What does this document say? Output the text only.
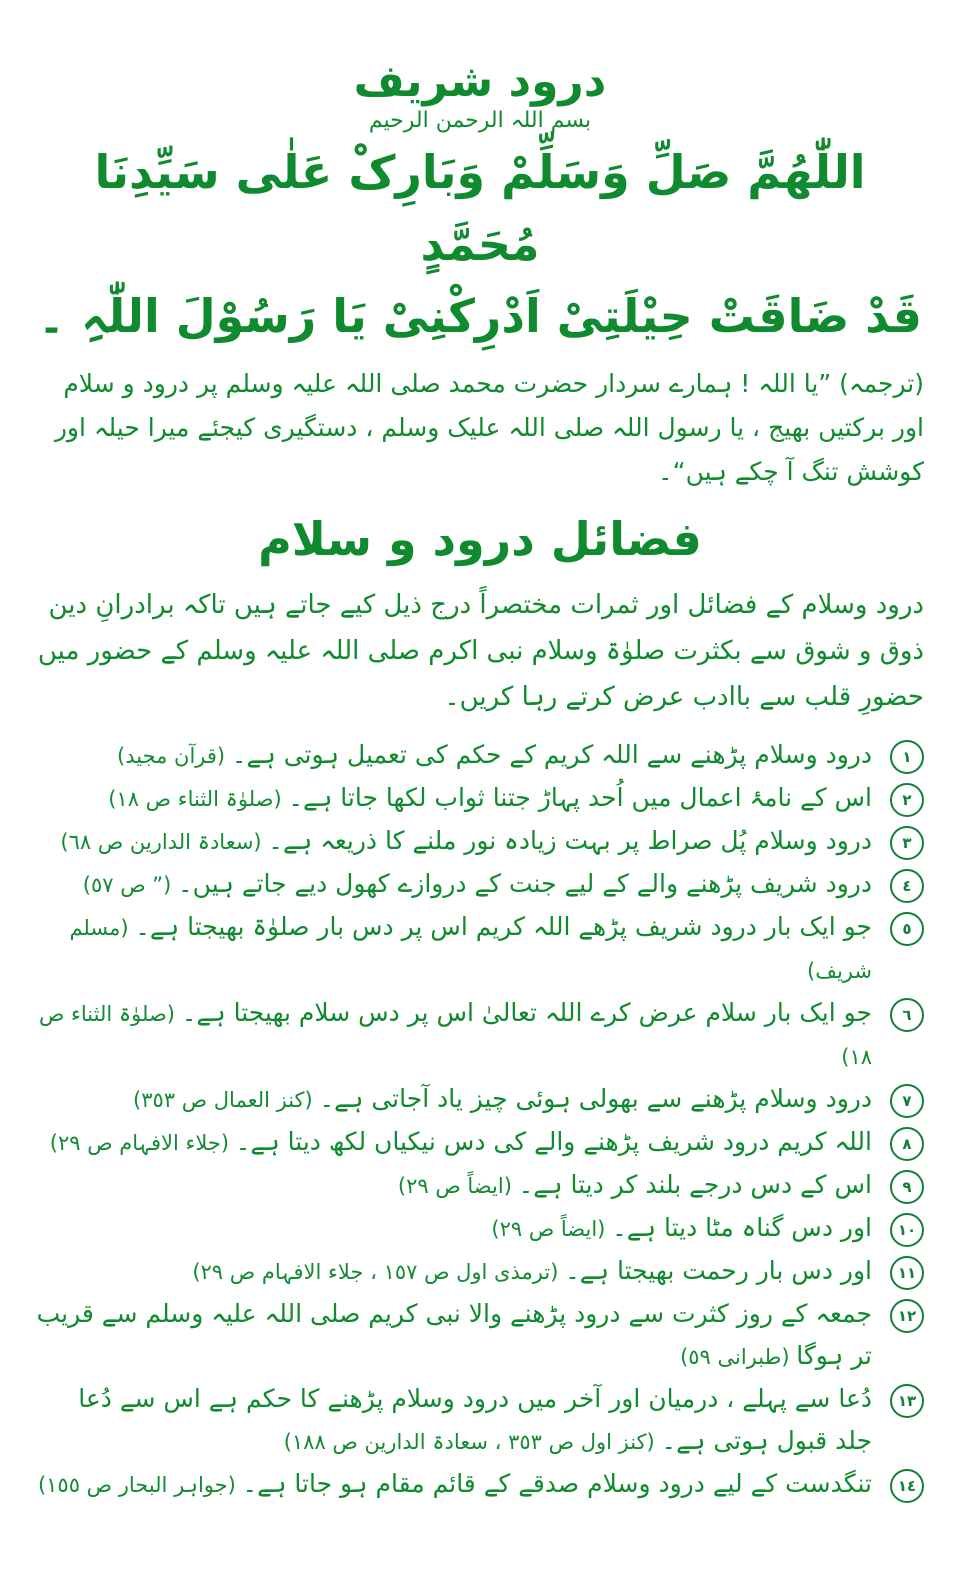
درود شریف
بسم اللہ الرحمن الرحیم
اللّٰھُمَّ صَلِّ وَسَلِّمْ وَبَارِکْ عَلٰی سَیِّدِنَا مُحَمَّدٍ
قَدْ ضَاقَتْ حِیْلَتِیْ اَدْرِکْنِیْ یَا رَسُوْلَ اللّٰہِ ۔
(ترجمہ) ”یا اللہ ! ہمارے سردار حضرت محمد صلی اللہ علیہ وسلم پر درود و سلام اور برکتیں بھیج ، یا رسول اللہ صلی اللہ علیک وسلم ، دستگیری کیجئے میرا حیلہ اور کوشش تنگ آ چکے ہیں“۔
فضائل درود و سلام
درود وسلام کے فضائل اور ثمرات مختصراً درج ذیل کیے جاتے ہیں تاکہ برادرانِ دین ذوق و شوق سے بکثرت صلوٰۃ وسلام نبی اکرم صلی اللہ علیہ وسلم کے حضور میں حضورِ قلب سے باادب عرض کرتے رہا کریں۔
١
درود وسلام پڑھنے سے اللہ کریم کے حکم کی تعمیل ہوتی ہے۔(قرآن مجید)
٢
اس کے نامۂ اعمال میں اُحد پہاڑ جتنا ثواب لکھا جاتا ہے۔(صلوٰۃ الثناء ص ١٨)
٣
درود وسلام پُل صراط پر بہت زیادہ نور ملنے کا ذریعہ ہے۔(سعادۃ الدارین ص ٦٨)
٤
درود شریف پڑھنے والے کے لیے جنت کے دروازے کھول دیے جاتے ہیں۔(” ص ٥٧)
٥
جو ایک بار درود شریف پڑھے اللہ کریم اس پر دس بار صلوٰۃ بھیجتا ہے۔(مسلم شریف)
٦
جو ایک بار سلام عرض کرے اللہ تعالیٰ اس پر دس سلام بھیجتا ہے۔(صلوٰۃ الثناء ص ١٨)
٧
درود وسلام پڑھنے سے بھولی ہوئی چیز یاد آجاتی ہے۔(کنز العمال ص ٣٥٣)
٨
اللہ کریم درود شریف پڑھنے والے کی دس نیکیاں لکھ دیتا ہے۔(جلاء الافہام ص ٢٩)
٩
اس کے دس درجے بلند کر دیتا ہے۔(ایضاً ص ٢٩)
١٠
اور دس گناہ مٹا دیتا ہے۔(ایضاً ص ٢٩)
١١
اور دس بار رحمت بھیجتا ہے۔(ترمذی اول ص ١٥٧ ، جلاء الافہام ص ٢٩)
١٢
جمعہ کے روز کثرت سے درود پڑھنے والا نبی کریم صلی اللہ علیہ وسلم سے قریب تر ہوگا(طبرانی ٥٩)
١٣
دُعا سے پہلے ، درمیان اور آخر میں درود وسلام پڑھنے کا حکم ہے اس سے دُعا جلد قبول ہوتی ہے۔(کنز اول ص ٣٥٣ ، سعادۃ الدارین ص ١٨٨)
١٤
تنگدست کے لیے درود وسلام صدقے کے قائم مقام ہو جاتا ہے۔(جواہر البحار ص ١٥٥)
